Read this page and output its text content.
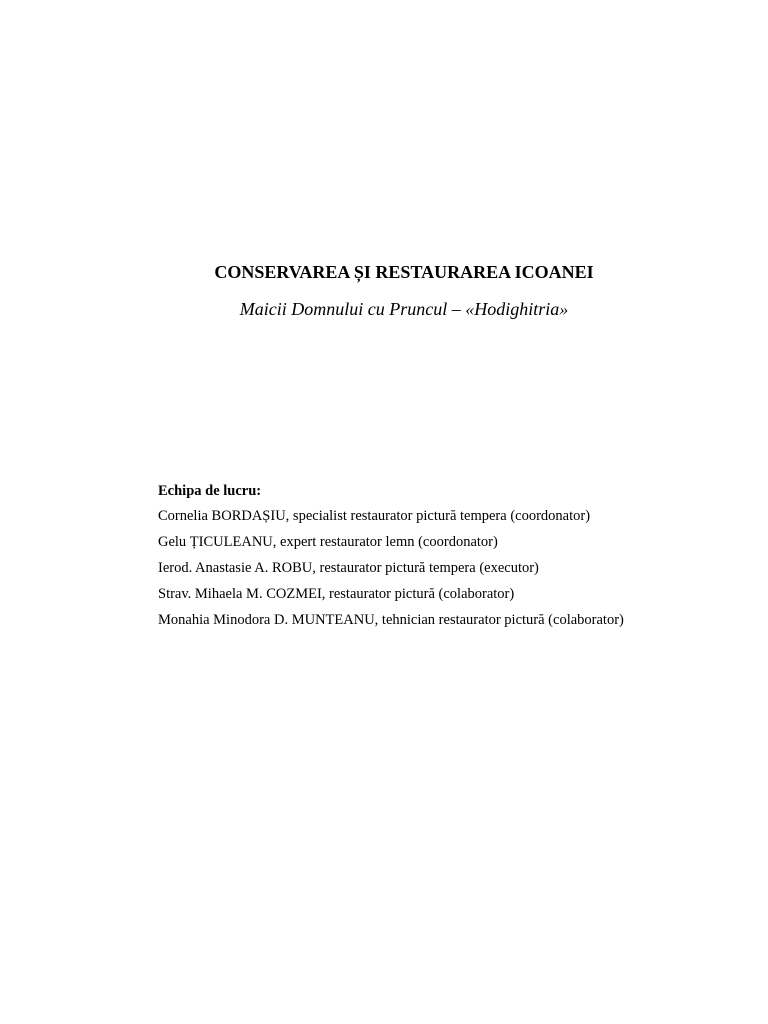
CONSERVAREA ȘI RESTAURAREA ICOANEI

Maicii Domnului cu Pruncul – «Hodighitria»

Echipa de lucru:

Cornelia BORDAȘIU, specialist restaurator pictură tempera (coordonator)

Gelu ȚICULEANU, expert restaurator lemn (coordonator)

Ierod. Anastasie A. ROBU, restaurator pictură tempera (executor)

Strav. Mihaela M. COZMEI, restaurator pictură (colaborator)

Monahia Minodora D. MUNTEANU, tehnician restaurator pictură (colaborator)
